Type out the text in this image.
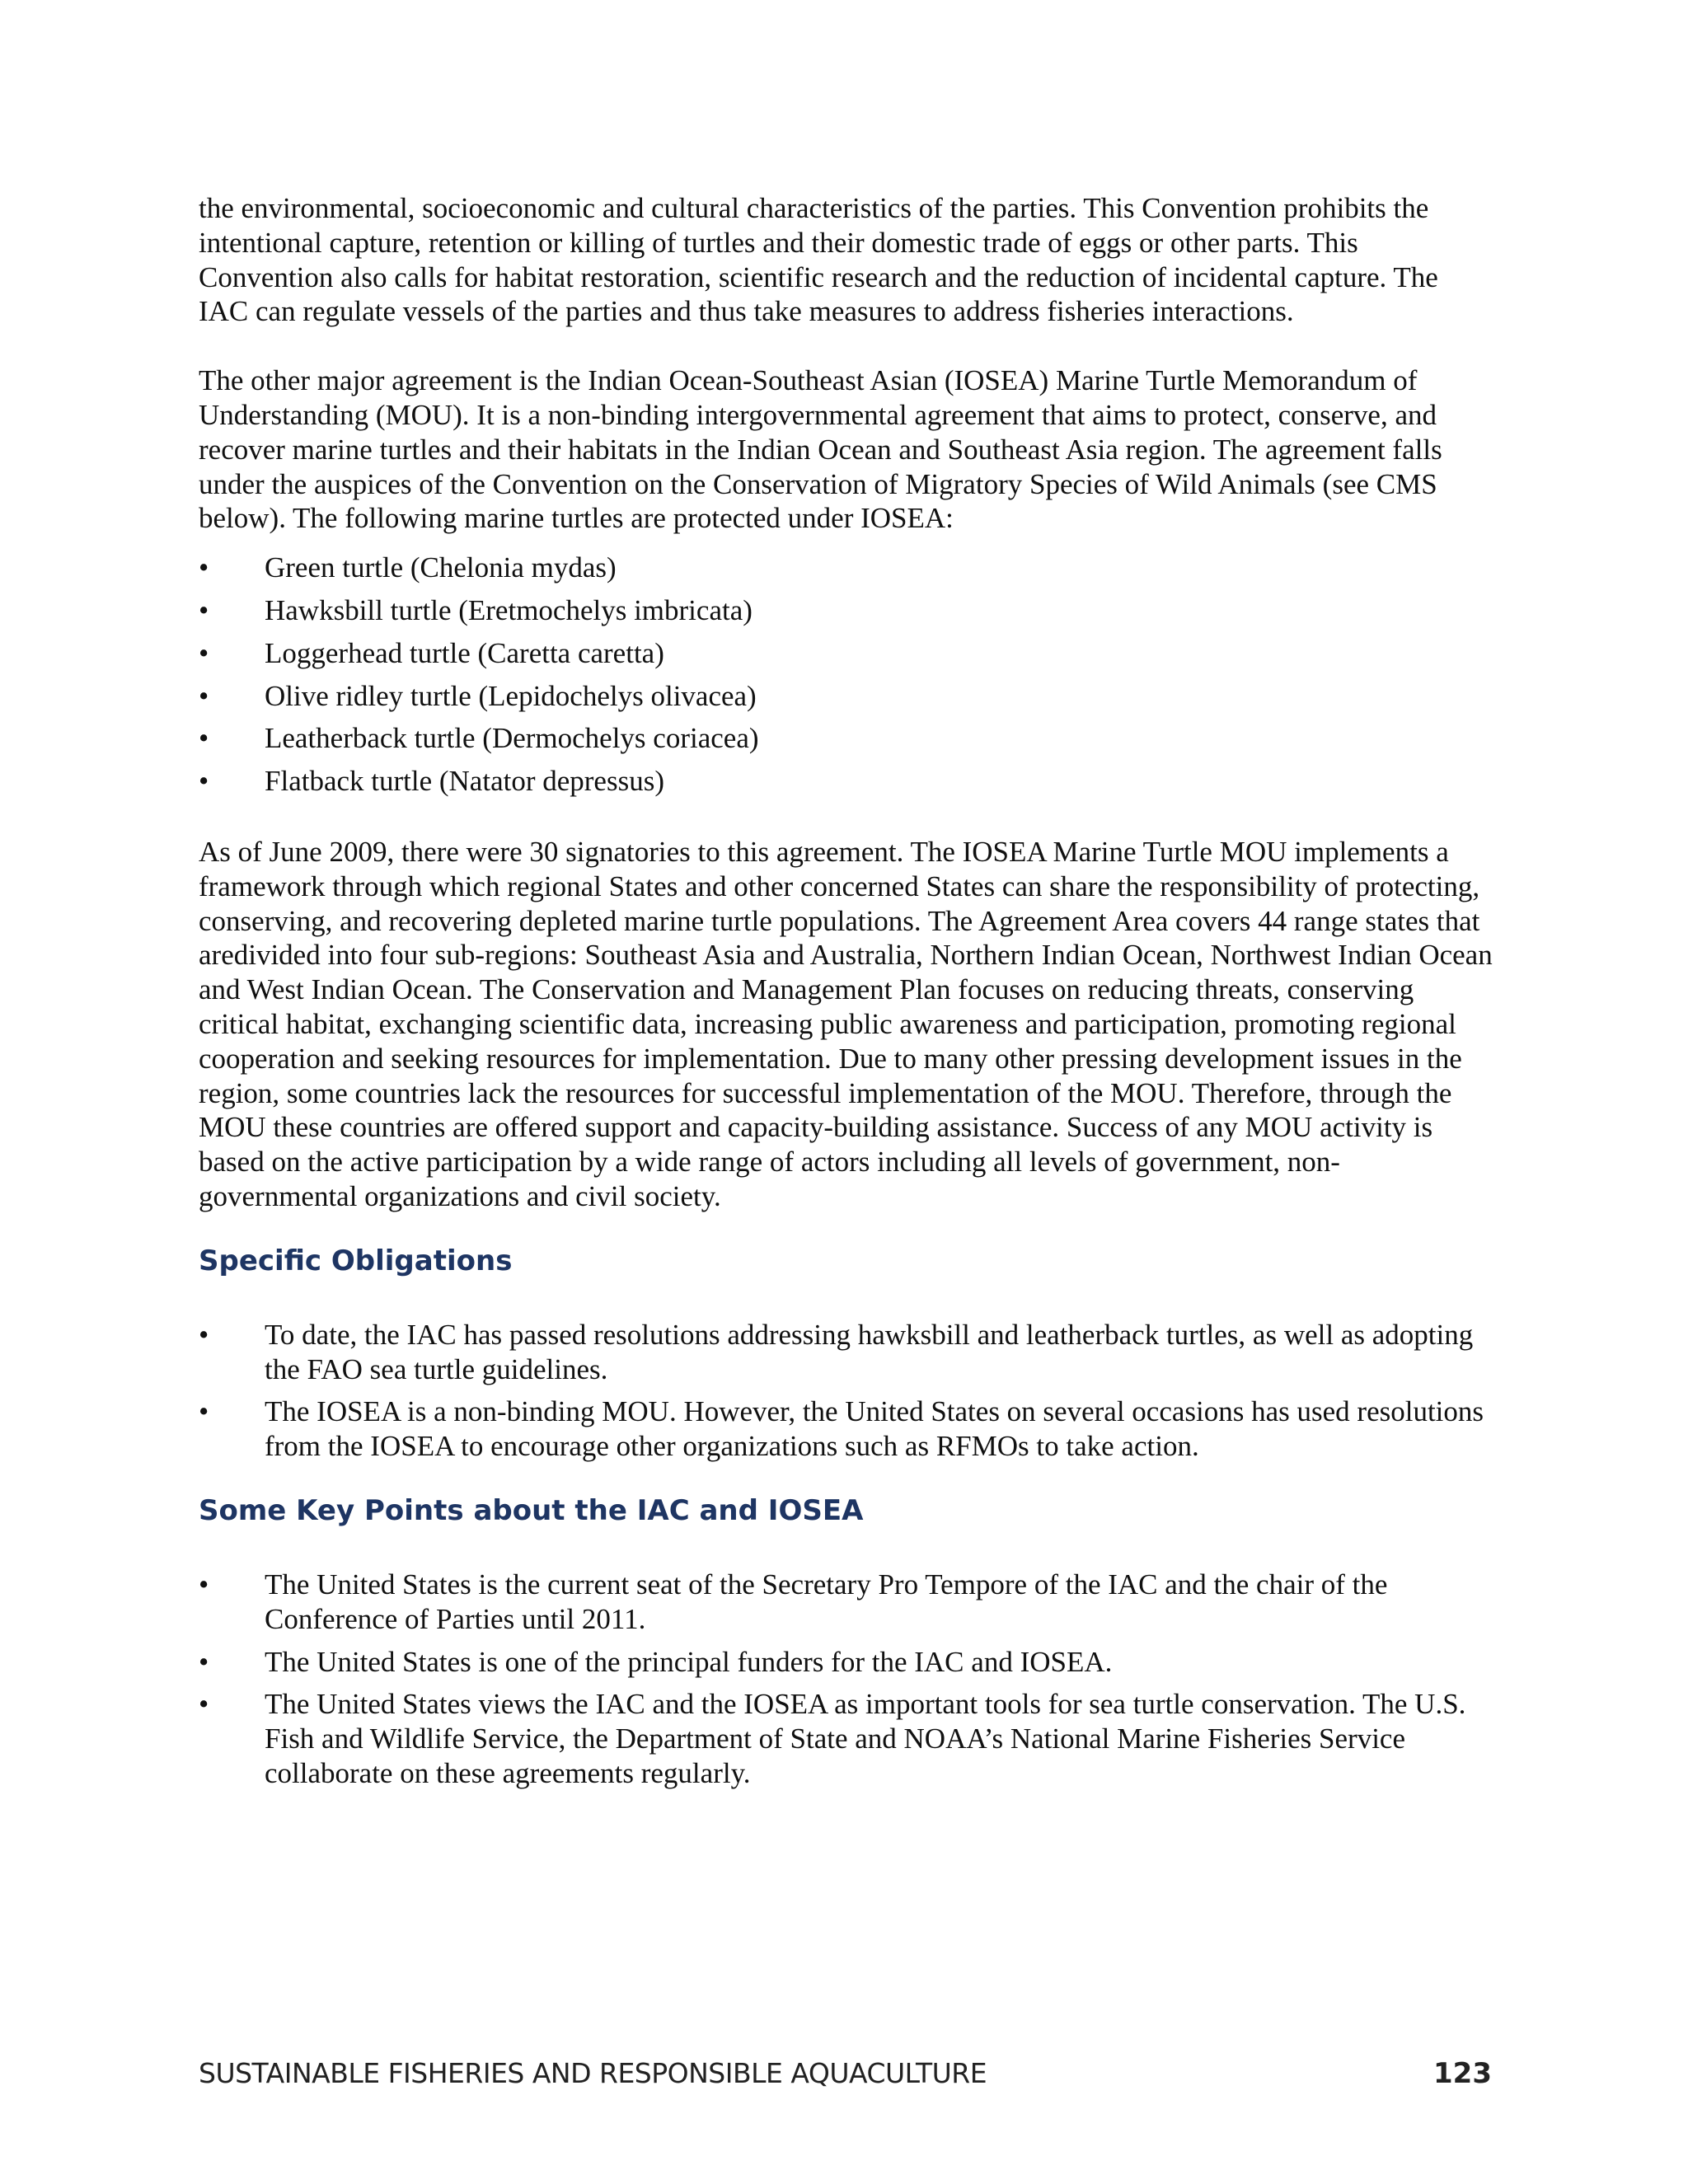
the environmental, socioeconomic and cultural characteristics of the parties. This Convention prohibits the intentional capture, retention or killing of turtles and their domestic trade of eggs or other parts. This Convention also calls for habitat restoration, scientific research and the reduction of incidental capture. The IAC can regulate vessels of the parties and thus take measures to address fisheries interactions.

The other major agreement is the Indian Ocean-Southeast Asian (IOSEA) Marine Turtle Memorandum of Understanding (MOU). It is a non-binding intergovernmental agreement that aims to protect, conserve, and recover marine turtles and their habitats in the Indian Ocean and Southeast Asia region. The agreement falls under the auspices of the Convention on the Conservation of Migratory Species of Wild Animals (see CMS below). The following marine turtles are protected under IOSEA:

• Green turtle (Chelonia mydas)
• Hawksbill turtle (Eretmochelys imbricata)
• Loggerhead turtle (Caretta caretta)
• Olive ridley turtle (Lepidochelys olivacea)
• Leatherback turtle (Dermochelys coriacea)
• Flatback turtle (Natator depressus)

As of June 2009, there were 30 signatories to this agreement. The IOSEA Marine Turtle MOU implements a framework through which regional States and other concerned States can share the responsibility of protecting, conserving, and recovering depleted marine turtle populations. The Agreement Area covers 44 range states that aredivided into four sub-regions: Southeast Asia and Australia, Northern Indian Ocean, Northwest Indian Ocean and West Indian Ocean. The Conservation and Management Plan focuses on reducing threats, conserving critical habitat, exchanging scientific data, increasing public awareness and participation, promoting regional cooperation and seeking resources for implementation. Due to many other pressing development issues in the region, some countries lack the resources for successful implementation of the MOU. Therefore, through the MOU these countries are offered support and capacity-building assistance. Success of any MOU activity is based on the active participation by a wide range of actors including all levels of government, non-governmental organizations and civil society.

Specific Obligations
• To date, the IAC has passed resolutions addressing hawksbill and leatherback turtles, as well as adopting the FAO sea turtle guidelines.
• The IOSEA is a non-binding MOU. However, the United States on several occasions has used resolutions from the IOSEA to encourage other organizations such as RFMOs to take action.
Some Key Points about the IAC and IOSEA
• The United States is the current seat of the Secretary Pro Tempore of the IAC and the chair of the Conference of Parties until 2011.
• The United States is one of the principal funders for the IAC and IOSEA.
• The United States views the IAC and the IOSEA as important tools for sea turtle conservation. The U.S. Fish and Wildlife Service, the Department of State and NOAA’s National Marine Fisheries Service collaborate on these agreements regularly.
SUSTAINABLE FISHERIES AND RESPONSIBLE AQUACULTURE	123
